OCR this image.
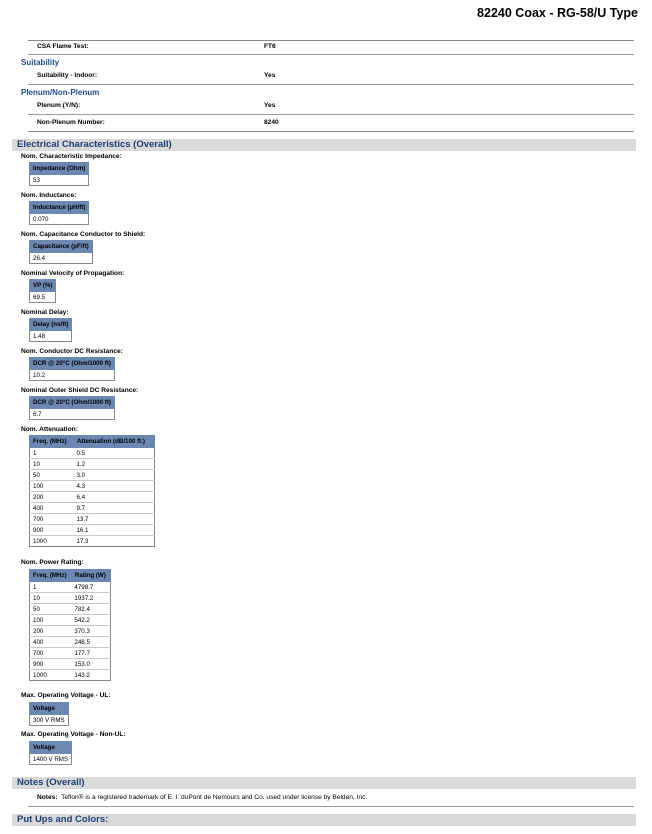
82240 Coax - RG-58/U Type
CSA Flame Test:	FT6
Suitability
Suitability - Indoor:	Yes
Plenum/Non-Plenum
Plenum (Y/N):	Yes
Non-Plenum Number:	8240
Electrical Characteristics (Overall)
Nom. Characteristic Impedance:
Impedance (Ohm)
53
Nom. Inductance:
Inductance (µH/ft)
0.070
Nom. Capacitance Conductor to Shield:
Capacitance (pF/ft)
26.4
Nominal Velocity of Propagation:
VP (%)
69.5
Nominal Delay:
Delay (ns/ft)
1.48
Nom. Conductor DC Resistance:
DCR @ 20°C (Ohm/1000 ft)
10.2
Nominal Outer Shield DC Resistance:
DCR @ 20°C (Ohm/1000 ft)
6.7
Nom. Attenuation:
Freq. (MHz)	Attenuation (dB/100 ft.)
1	0.5
10	1.2
50	3.0
100	4.3
200	6.4
400	9.7
700	13.7
900	16.1
1000	17.3
Nom. Power Rating:
Freq. (MHz)	Rating (W)
1	4798.7
10	1937.2
50	782.4
100	542.2
200	370.3
400	248.5
700	177.7
900	153.0
1000	143.2
Max. Operating Voltage - UL:
Voltage
300 V RMS
Max. Operating Voltage - Non-UL:
Voltage
1400 V RMS
Notes (Overall)
Notes: Teflon® is a registered trademark of E. I. duPont de Nemours and Co. used under license by Belden, Inc.
Put Ups and Colors:
